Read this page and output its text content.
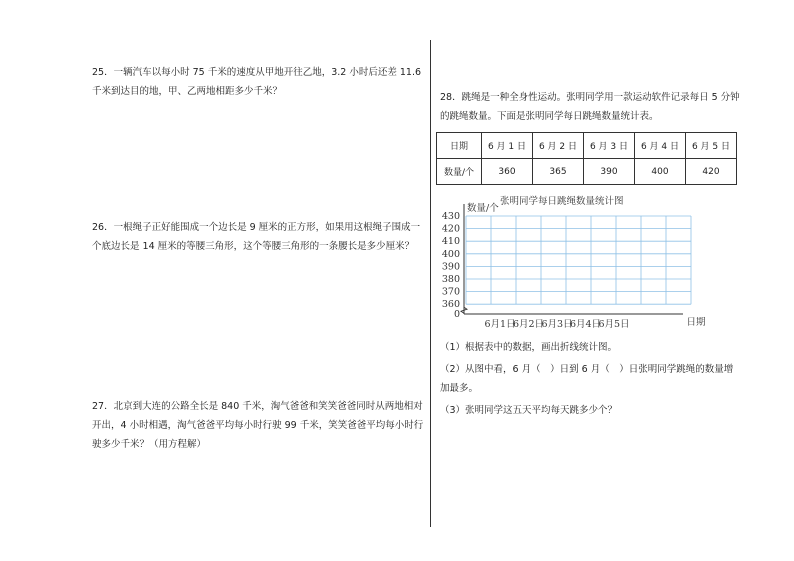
25．一辆汽车以每小时 75 千米的速度从甲地开往乙地，3.2 小时后还差 11.6 千米到达目的地，甲、乙两地相距多少千米？
26．一根绳子正好能围成一个边长是 9 厘米的正方形，如果用这根绳子围成一个底边长是 14 厘米的等腰三角形，这个等腰三角形的一条腰长是多少厘米？
27．北京到大连的公路全长是 840 千米，淘气爸爸和笑笑爸爸同时从两地相对开出，4 小时相遇，淘气爸爸平均每小时行驶 99 千米，笑笑爸爸平均每小时行驶多少千米？（用方程解）
28．跳绳是一种全身性运动。张明同学用一款运动软件记录每日 5 分钟的跳绳数量。下面是张明同学每日跳绳数量统计表。
日期	6 月 1 日	6 月 2 日	6 月 3 日	6 月 4 日	6 月 5 日
数量/个	360	365	390	400	420
张明同学每日跳绳数量统计图
430
420
410
400
390
380
370
360
0
数量/个
6月1日
6月2日
6月3日
6月4日
6月5日	日期
（1）根据表中的数据，画出折线统计图。
（2）从图中看，6 月（　）日到 6 月（　）日张明同学跳绳的数量增加最多。
（3）张明同学这五天平均每天跳多少个？
